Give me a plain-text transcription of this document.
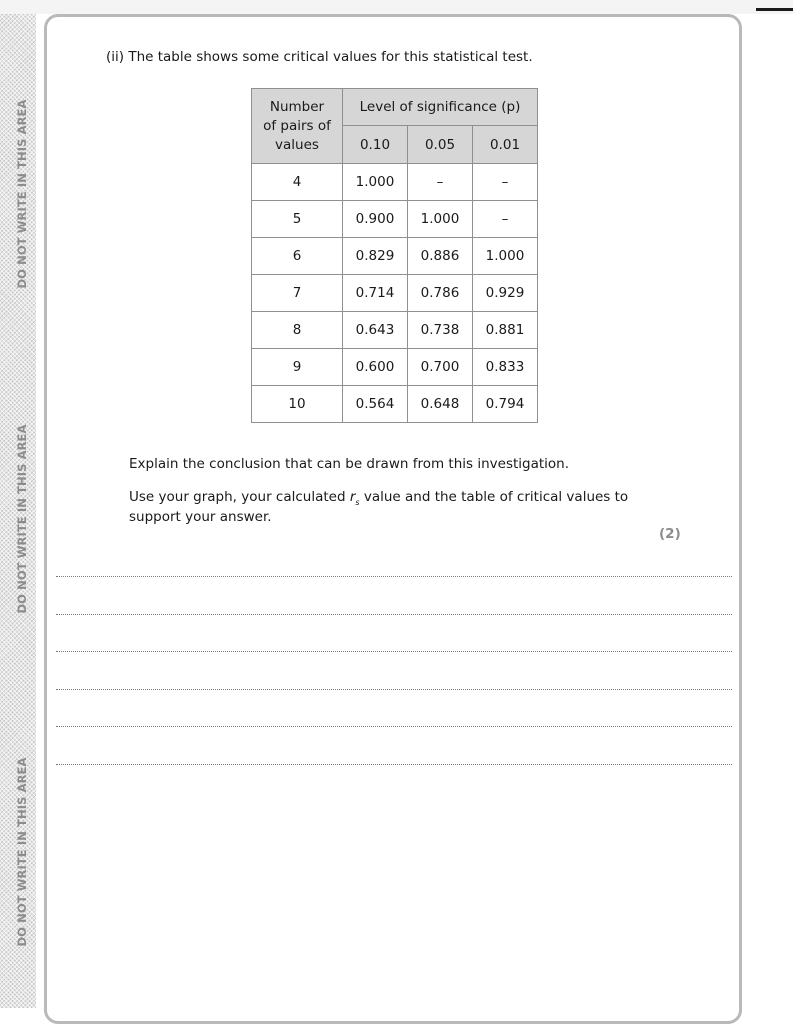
DO NOT WRITE IN THIS AREA
DO NOT WRITE IN THIS AREA
DO NOT WRITE IN THIS AREA
(ii) The table shows some critical values for this statistical test.
Number
of pairs of
values	Level of significance (p)		
	0.10	0.05	0.01
4	1.000	–	–
5	0.900	1.000	–
6	0.829	0.886	1.000
7	0.714	0.786	0.929
8	0.643	0.738	0.881
9	0.600	0.700	0.833
10	0.564	0.648	0.794
Explain the conclusion that can be drawn from this investigation.
Use your graph, your calculated $r_s$ value and the table of critical values to
support your answer.
(2)
